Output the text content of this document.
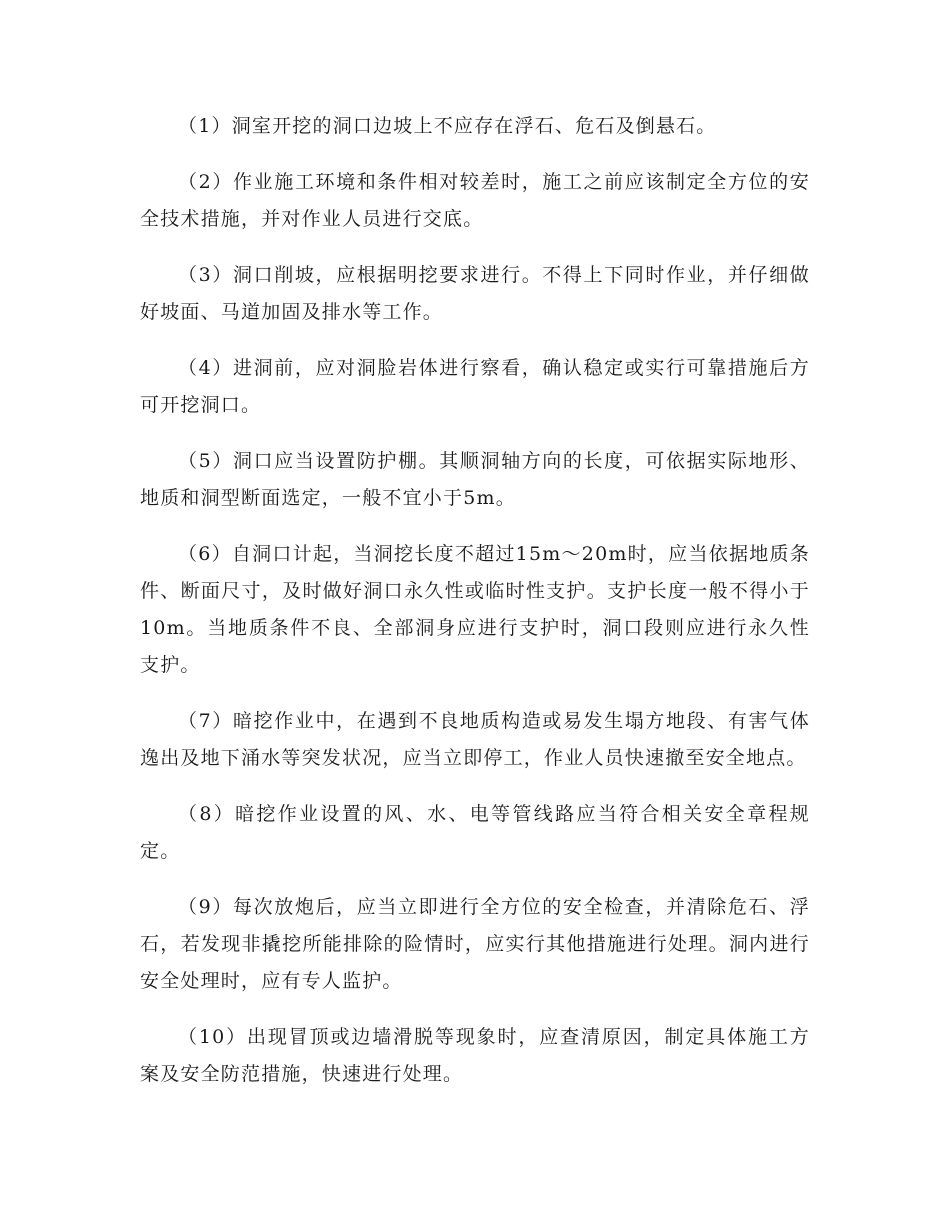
（1）洞室开挖的洞口边坡上不应存在浮石、危石及倒悬石。

（2）作业施工环境和条件相对较差时，施工之前应该制定全方位的安全技术措施，并对作业人员进行交底。

（3）洞口削坡，应根据明挖要求进行。不得上下同时作业，并仔细做好坡面、马道加固及排水等工作。

（4）进洞前，应对洞脸岩体进行察看，确认稳定或实行可靠措施后方可开挖洞口。

（5）洞口应当设置防护棚。其顺洞轴方向的长度，可依据实际地形、地质和洞型断面选定，一般不宜小于5m。

（6）自洞口计起，当洞挖长度不超过15m～20m时，应当依据地质条件、断面尺寸，及时做好洞口永久性或临时性支护。支护长度一般不得小于10m。当地质条件不良、全部洞身应进行支护时，洞口段则应进行永久性支护。

（7）暗挖作业中，在遇到不良地质构造或易发生塌方地段、有害气体逸出及地下涌水等突发状况，应当立即停工，作业人员快速撤至安全地点。

（8）暗挖作业设置的风、水、电等管线路应当符合相关安全章程规定。

（9）每次放炮后，应当立即进行全方位的安全检查，并清除危石、浮石，若发现非撬挖所能排除的险情时，应实行其他措施进行处理。洞内进行安全处理时，应有专人监护。

（10）出现冒顶或边墙滑脱等现象时，应查清原因，制定具体施工方案及安全防范措施，快速进行处理。
